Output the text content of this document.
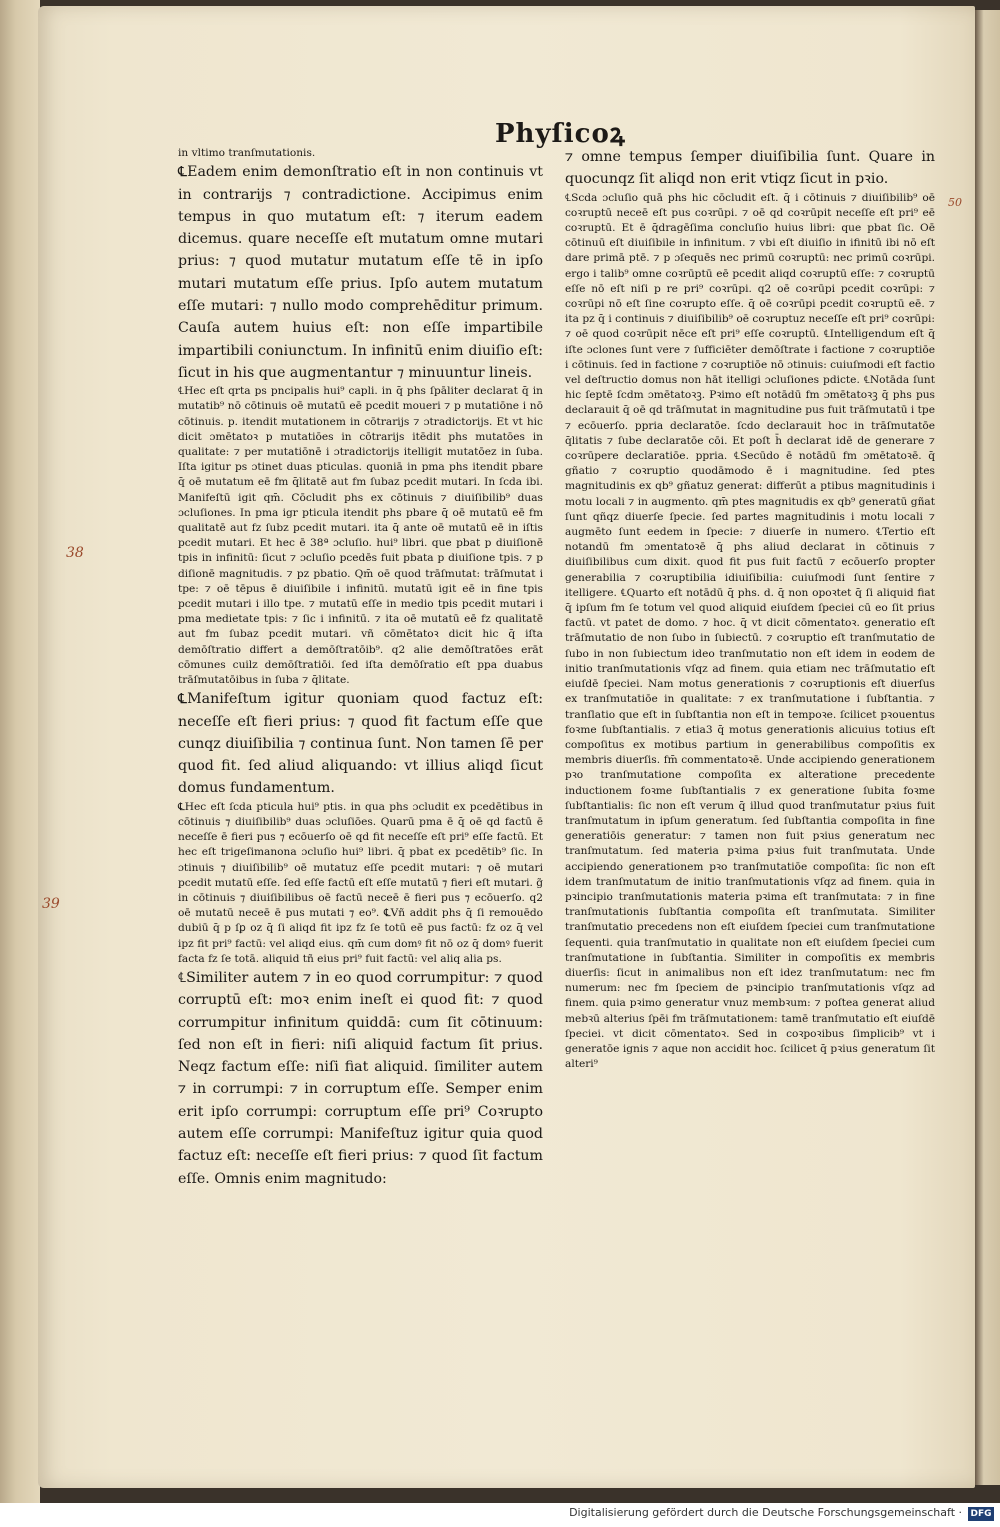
Phyſicoꝝ

in vltimo tranſmutationis.

℄Eadem enim demonſtratio eſt in non continuis vt in contrarijs ⁊ contradictione. Accipimus enim tempus in quo mutatum eſt: ⁊ iterum eadem dicemus. quare neceſſe eſt mutatum omne mutari prius: ⁊ quod mutatur mutatum eſſe tē in ipſo mutari mutatum eſſe prius. Ipſo autem mutatum eſſe mutari: ⁊ nullo modo comprehēditur primum. Cauſa autem huius eſt: non eſſe impartibile impartibili coniunctum. In infinitū enim diuiſio eſt: ſicut in his que augmentantur ⁊ minuuntur lineis.

℄Hec eſt qrta ps pncipalis hui⁹ capli. in q̄ phs ſpāliter declarat q̄ in mutatib⁹ nō cōtinuis oē mutatū eē pcedit moueri ⁊ p mutatiōne i nō cōtinuis. p. itendit mutationem in cōtrarijs ⁊ ɔtradictorijs. Et vt hic dicit ɔmētatoꝛ p mutatiōes in cōtrarijs itēdit phs mutatōes in qualitate: ⁊ per mutatiōnē i ɔtradictorijs itelligit mutatōez in ſuba. Iſta igitur ps ɔtinet duas pticulas. quoniā in pma phs itendit pbare q̄ oē mutatum eē fm q̄litatē aut fm ſubaz pcedit mutari. In ſcda ibi. Manifeſtū igit qm̄. Cōcludit phs ex cōtinuis ⁊ diuiſibilib⁹ duas ɔcluſiones. In pma igr pticula itendit phs pbare q̄ oē mutatū eē fm qualitatē aut fz ſubz pcedit mutari. ita q̄ ante oē mutatū eē in iſtis pcedit mutari. Et hec ē 38ª ɔcluſio. hui⁹ libri. que pbat p diuiſionē tpis in infinitū: ſicut ⁊ ɔcluſio pcedēs fuit pbata p diuiſione tpis. ⁊ p diſionē magnitudis. ⁊ pz pbatio. Qm̄ oē quod trāſmutat: trāſmutat i tpe: ⁊ oē tēpus ē diuiſibile i infinitū. mutatū igit eē in fine tpis pcedit mutari i illo tpe. ⁊ mutatū eſſe in medio tpis pcedit mutari i pma medietate tpis: ⁊ ſic i infinitū. ⁊ ita oē mutatū eē fz qualitatē aut fm ſubaz pcedit mutari. vñ cōmētatoꝛ dicit hic q̄ iſta demōſtratio differt a demōſtratōib⁹. q2 alie demōſtratōes erāt cōmunes cuilz demōſtratiōi. ſed iſta demōſratio eſt ppa duabus trāſmutatōibus in ſuba ⁊ q̄litate.

℄Manifeſtum igitur quoniam quod factuz eſt: neceſſe eſt fieri prius: ⁊ quod fit factum eſſe que cunqz diuiſibilia ⁊ continua ſunt. Non tamen ſē per quod fit. ſed aliud aliquando: vt illius aliqd ſicut domus fundamentum.

℄Hec eſt ſcda pticula hui⁹ ptis. in qua phs ɔcludit ex pcedētibus in cōtinuis ⁊ diuiſibilib⁹ duas ɔcluſiōes. Quarū pma ē q̄ oē qd factū ē neceſſe ē fieri pus ⁊ ecōuerſo oē qd fit neceſſe eſt pri⁹ eſſe factū. Et hec eſt trigeſimanona ɔcluſio hui⁹ libri. q̄ pbat ex pcedētib⁹ ſic. In ɔtinuis ⁊ diuiſibilib⁹ oē mutatuz eſſe pcedit mutari: ⁊ oē mutari pcedit mutatū eſſe. ſed eſſe factū eſt eſſe mutatū ⁊ fieri eſt mutari. g̃ in cōtinuis ⁊ diuiſibilibus oē factū neceē ē fieri pus ⁊ ecōuerſo. q2 oē mutatū neceē ē pus mutati ⁊ eo⁹. ℄Vñ addit phs q̄ ſi remouēdo dubiū q̄ p ſꝑ oz q̄ ſi aliqd fit ipz fz ſe totū eē pus factū: fz oz q̄ vel ipz fit pri⁹ factū: vel aliqd eius. qm̄ cum domꝰ fit nō oz q̄ domꝰ fuerit facta fz ſe totā. aliquid tñ eius pri⁹ fuit factū: vel aliq alia ps.

℄Similiter autem ⁊ in eo quod corrumpitur: ⁊ quod corruptū eſt: moꝛ enim ineſt ei quod fit: ⁊ quod corrumpitur infinitum quiddā: cum ſit cōtinuum: ſed non eſt in fieri: niſi aliquid factum ſit prius. Neqz factum eſſe: niſi fiat aliquid. ſimiliter autem ⁊ in corrumpi: ⁊ in corruptum eſſe. Semper enim erit ipſo corrumpi: corruptum eſſe pri⁹ Coꝛrupto autem eſſe corrumpi: Manifeſtuz igitur quia quod factuz eſt: neceſſe eſt fieri prius: ⁊ quod ſit factum eſſe. Omnis enim magnitudo:

⁊ omne tempus ſemper diuiſibilia ſunt. Quare in quocunqz ſit aliqd non erit vtiqz ſicut in pꝛio.

℄Scda ɔcluſio quā phs hic cōcludit eſt. q̄ i cōtinuis ⁊ diuiſibilib⁹ oē coꝛruptū neceē eſt pus coꝛrūpi. ⁊ oē qd coꝛrūpit neceſſe eſt pri⁹ eē coꝛruptū. Et ē q̄dragēſima concluſio huius libri: que pbat ſic. Oē cōtinuū eſt diuiſibile in infinitum. ⁊ vbi eſt diuiſio in ifinitū ibi nō eſt dare primā ptē. ⁊ p ɔſequēs nec primū coꝛruptū: nec primū coꝛrūpi. ergo i talib⁹ omne coꝛrūptū eē pcedit aliqd coꝛruptū eſſe: ⁊ coꝛruptū eſſe nō eſt niſi p re pri⁹ coꝛrūpi. q2 oē coꝛrūpi pcedit coꝛrūpi: ⁊ coꝛrūpi nō eſt ſine coꝛrupto eſſe. q̄ oē coꝛrūpi pcedit coꝛruptū eē. ⁊ ita pz q̄ i continuis ⁊ diuiſibilib⁹ oē coꝛruptuz neceſſe eſt pri⁹ coꝛrūpi: ⁊ oē quod coꝛrūpit nēce eſt pri⁹ eſſe coꝛruptū. ℄Intelligendum eſt q̄ iſte ɔclones ſunt vere ⁊ ſufficiēter demōſtrate i factione ⁊ coꝛruptiōe i cōtinuis. ſed in factione ⁊ coꝛruptiōe nō ɔtinuis: cuiuſmodi eſt factio vel deſtructio domus non hāt itelligi ɔcluſiones pdicte. ℄Notāda ſunt hic ſeptē ſcdm ɔmētatoꝛꝫ. Pꝛimo eſt notādū fm ɔmētatoꝛꝫ q̄ phs pus declarauit q̄ oē qd trāſmutat in magnitudine pus fuit trāſmutatū i tpe ⁊ ecōuerſo. ppria declaratōe. ſcdo declarauit hoc in trāſmutatōe q̄litatis ⁊ ſube declaratōe cōi. Et poſt h̄ declarat idē de generare ⁊ coꝛrūpere declaratiōe. ppria. ℄Secūdo ē notādū fm ɔmētatoꝛē. q̄ gñatio ⁊ coꝛruptio quodāmodo ē i magnitudine. ſed ptes magnitudinis ex qb⁹ gñatuz generat: differūt a ptibus magnitudinis i motu locali ⁊ in augmento. qm̄ ptes magnitudis ex qb⁹ generatū gñat ſunt qñqz diuerſe ſpecie. ſed partes magnitudinis i motu locali ⁊ augmēto ſunt eedem in ſpecie: ⁊ diuerſe in numero. ℄Tertio eſt notandū fm ɔmentatoꝛē q̄ phs aliud declarat in cōtinuis ⁊ diuiſibilibus cum dixit. quod fit pus fuit factū ⁊ ecōuerſo propter generabilia ⁊ coꝛruptibilia idiuiſibilia: cuiuſmodi ſunt ſentire ⁊ itelligere. ℄Quarto eſt notādū q̄ phs. d. q̄ non opoꝛtet q̄ ſi aliquid fiat q̄ ipſum fm ſe totum vel quod aliquid eiuſdem ſpeciei cū eo ſit prius factū. vt patet de domo. ⁊ hoc. q̄ vt dicit cōmentatoꝛ. generatio eſt trāſmutatio de non ſubo in ſubiectū. ⁊ coꝛruptio eſt tranſmutatio de ſubo in non ſubiectum ideo tranſmutatio non eſt idem in eodem de initio tranſmutationis vſqz ad finem. quia etiam nec trāſmutatio eſt eiuſdē ſpeciei. Nam motus generationis ⁊ coꝛruptionis eſt diuerſus ex tranſmutatiōe in qualitate: ⁊ ex tranſmutatione i ſubſtantia. ⁊ tranſlatio que eſt in ſubſtantia non eſt in tempoꝛe. ſcilicet pꝛouentus foꝛme ſubſtantialis. ⁊ etia3 q̄ motus generationis alicuius totius eſt compoſitus ex motibus partium in generabilibus compoſitis ex membris diuerſis. fm̄ commentatoꝛē. Unde accipiendo generationem pꝛo tranſmutatione compoſita ex alteratione precedente inductionem foꝛme ſubſtantialis ⁊ ex generatione ſubita foꝛme ſubſtantialis: ſic non eſt verum q̄ illud quod tranſmutatur pꝛius fuit tranſmutatum in ipſum generatum. ſed ſubſtantia compoſita in fine generatiōis generatur: ⁊ tamen non fuit pꝛius generatum nec tranſmutatum. ſed materia pꝛima pꝛius fuit tranſmutata. Unde accipiendo generationem pꝛo tranſmutatiōe compoſita: ſic non eſt idem tranſmutatum de initio tranſmutationis vſqz ad finem. quia in pꝛincipio tranſmutationis materia pꝛima eſt tranſmutata: ⁊ in fine tranſmutationis ſubſtantia compoſita eſt tranſmutata. Similiter tranſmutatio precedens non eſt eiuſdem ſpeciei cum tranſmutatione ſequenti. quia tranſmutatio in qualitate non eſt eiuſdem ſpeciei cum tranſmutatione in ſubſtantia. Similiter in compoſitis ex membris diuerſis: ſicut in animalibus non eſt idez tranſmutatum: nec fm numerum: nec fm ſpeciem de pꝛincipio tranſmutationis vſqz ad finem. quia pꝛimo generatur vnuz membꝛum: ⁊ poſtea generat aliud mebꝛū alterius ſpēi fm trāſmutationem: tamē tranſmutatio eſt eiuſdē ſpeciei. vt dicit cōmentatoꝛ. Sed in coꝛpoꝛibus ſimplicib⁹ vt i generatōe ignis ⁊ aque non accidit hoc. ſcilicet q̄ pꝛius generatum ſit alteri⁹

38
39
50
Digitalisierung gefördert durch die Deutsche Forschungsgemeinschaft · DFG
